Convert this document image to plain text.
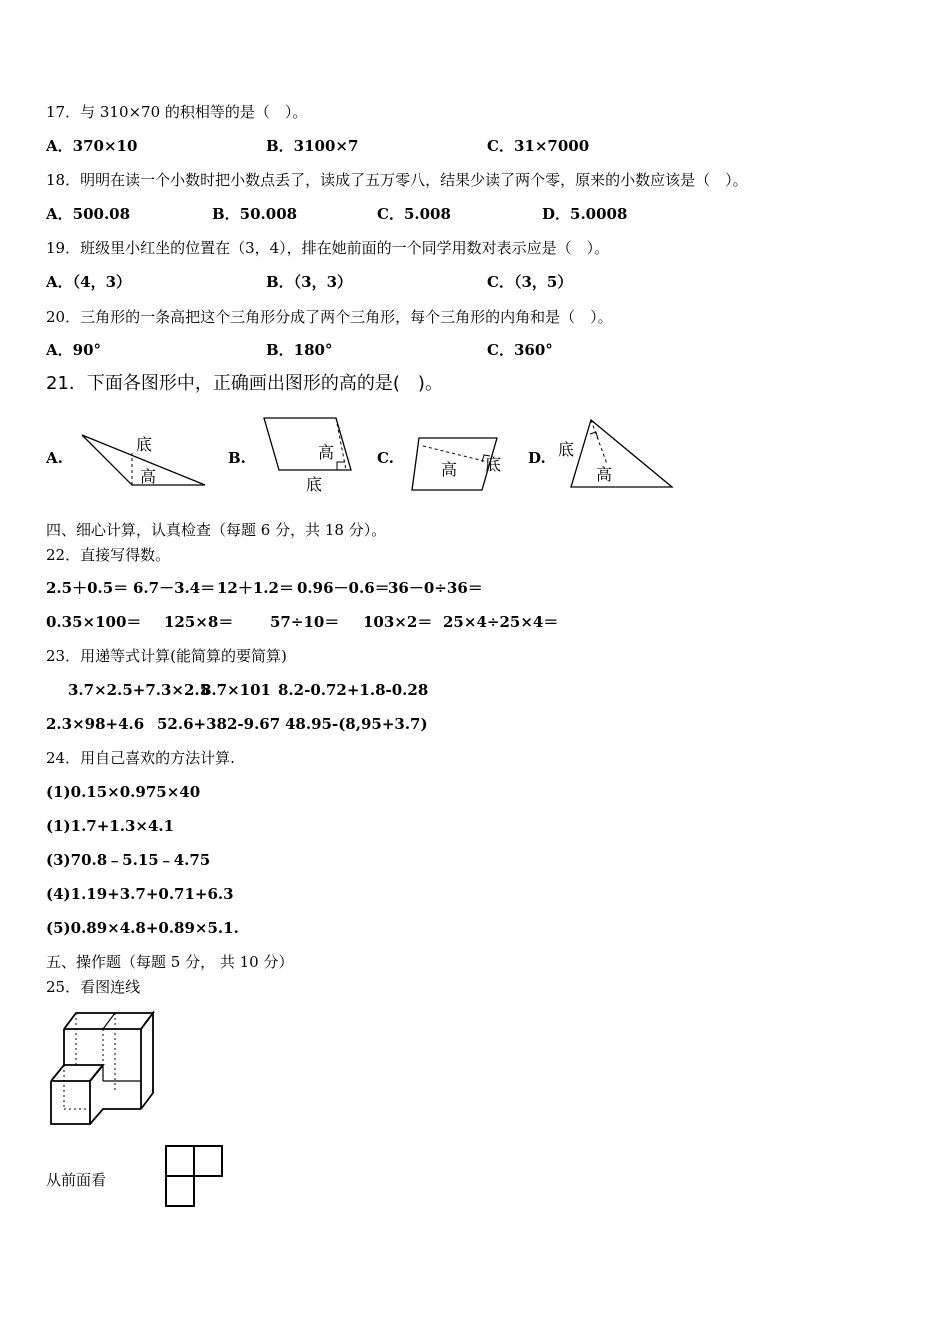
17．与 310×70 的积相等的是（　）。
A．370×10	B．3100×7	C．31×7000
18．明明在读一个小数时把小数点丢了，读成了五万零八，结果少读了两个零，原来的小数应该是（　）。
A．500.08	B．50.008	C．5.008	D．5.0008
19．班级里小红坐的位置在（3，4），排在她前面的一个同学用数对表示应是（　）。
A．（4，3）	B．（3，3）	C．（3，5）
20．三角形的一条高把这个三角形分成了两个三角形，每个三角形的内角和是（　）。
A．90°	B．180°	C．360°
21．下面各图形中，正确画出图形的高的是(　)。
A.
底
高
B.	高
底
C.
高 底 D. 底
高
四、细心计算，认真检查（每题 6 分，共 18 分）。
22．直接写得数。
2.5＋0.5＝ 6.7－3.4＝ 12＋1.2＝ 0.96－0.6＝
36－0÷36＝
0.35×100＝ 125×8＝ 57÷10＝ 103×2＝ 25×4÷25×4＝
23．用递等式计算(能简算的要简算)
3.7×2.5+7.3×2.5
8.7×101 8.2-0.72+1.8-0.28
2.3×98+4.6 52.6+382-9.67 48.95-(8,95+3.7)
24．用自己喜欢的方法计算.
(1)0.15×0.975×40
(1)1.7+1.3×4.1
(3)70.8﹣5.15﹣4.75
(4)1.19+3.7+0.71+6.3
(5)0.89×4.8+0.89×5.1.
五、操作题（每题 5 分， 共 10 分）
25．看图连线
从前面看
